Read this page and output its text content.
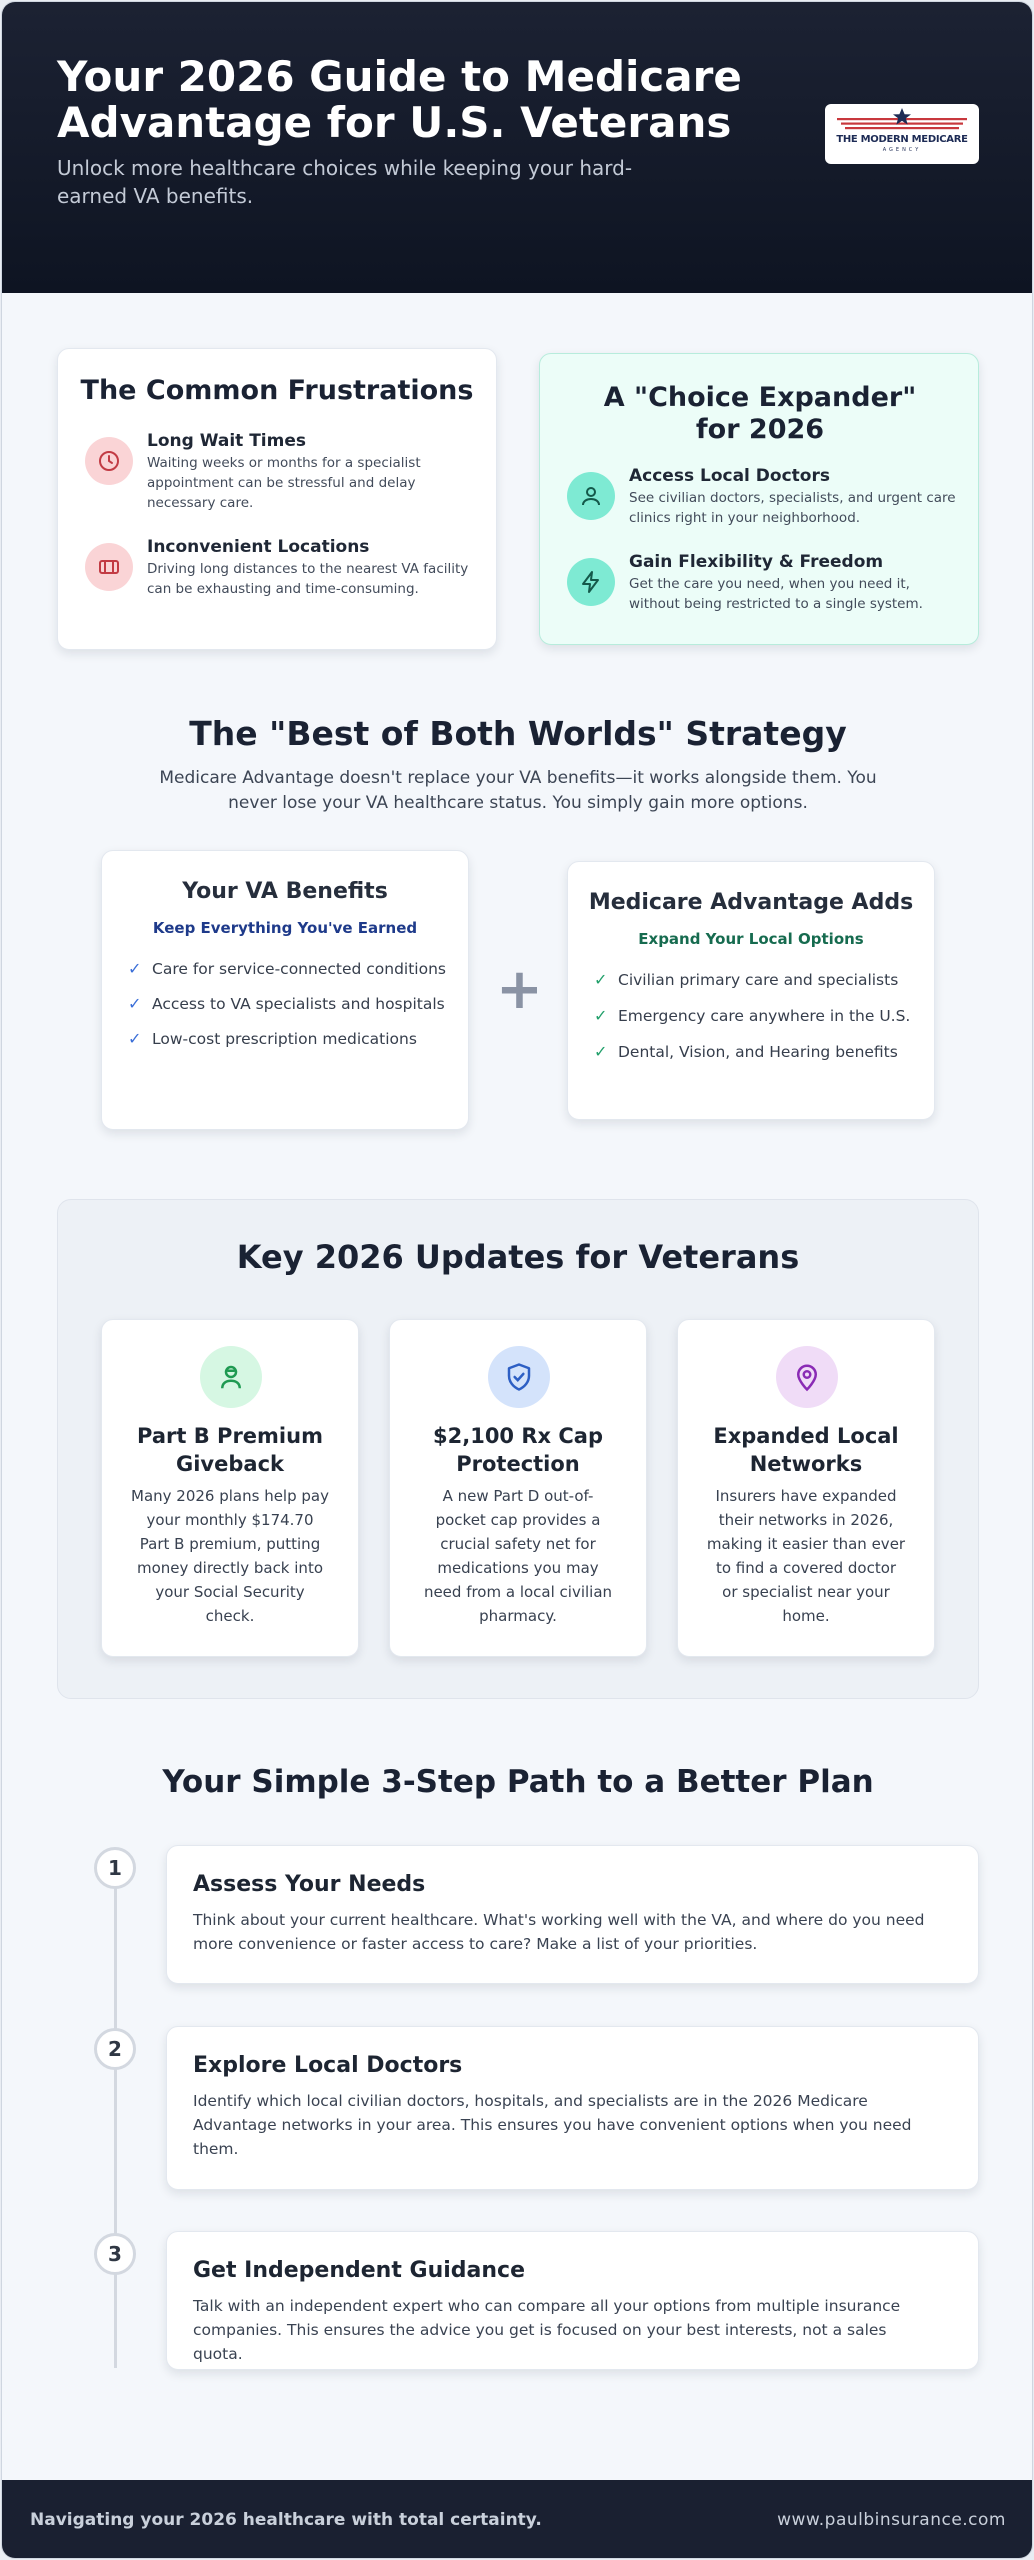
Your 2026 Guide to Medicare Advantage for U.S. Veterans
Unlock more healthcare choices while keeping your hard-earned VA benefits.
THE MODERN MEDICARE
AGENCY
The Common Frustrations
Long Wait Times
Waiting weeks or months for a specialist appointment can be stressful and delay necessary care.
Inconvenient Locations
Driving long distances to the nearest VA facility can be exhausting and time-consuming.
A "Choice Expander" for 2026
Access Local Doctors
See civilian doctors, specialists, and urgent care clinics right in your neighborhood.
Gain Flexibility & Freedom
Get the care you need, when you need it, without being restricted to a single system.
The "Best of Both Worlds" Strategy
Medicare Advantage doesn't replace your VA benefits—it works alongside them. You never lose your VA healthcare status. You simply gain more options.
Your VA Benefits
Keep Everything You've Earned
✓ Care for service-connected conditions
✓ Access to VA specialists and hospitals
✓ Low-cost prescription medications
+
Medicare Advantage Adds
Expand Your Local Options
✓ Civilian primary care and specialists
✓ Emergency care anywhere in the U.S.
✓ Dental, Vision, and Hearing benefits
Key 2026 Updates for Veterans
Part B Premium Giveback

Many 2026 plans help pay your monthly $174.70 Part B premium, putting money directly back into your Social Security check.

$2,100 Rx Cap Protection

A new Part D out-of-pocket cap provides a crucial safety net for medications you may need from a local civilian pharmacy.

Expanded Local Networks

Insurers have expanded their networks in 2026, making it easier than ever to find a covered doctor or specialist near your home.

Your Simple 3-Step Path to a Better Plan
1
Assess Your Needs

Think about your current healthcare. What's working well with the VA, and where do you need more convenience or faster access to care? Make a list of your priorities.

2
Explore Local Doctors

Identify which local civilian doctors, hospitals, and specialists are in the 2026 Medicare Advantage networks in your area. This ensures you have convenient options when you need them.

3
Get Independent Guidance

Talk with an independent expert who can compare all your options from multiple insurance companies. This ensures the advice you get is focused on your best interests, not a sales quota.

Navigating your 2026 healthcare with total certainty.	www.paulbinsurance.com
